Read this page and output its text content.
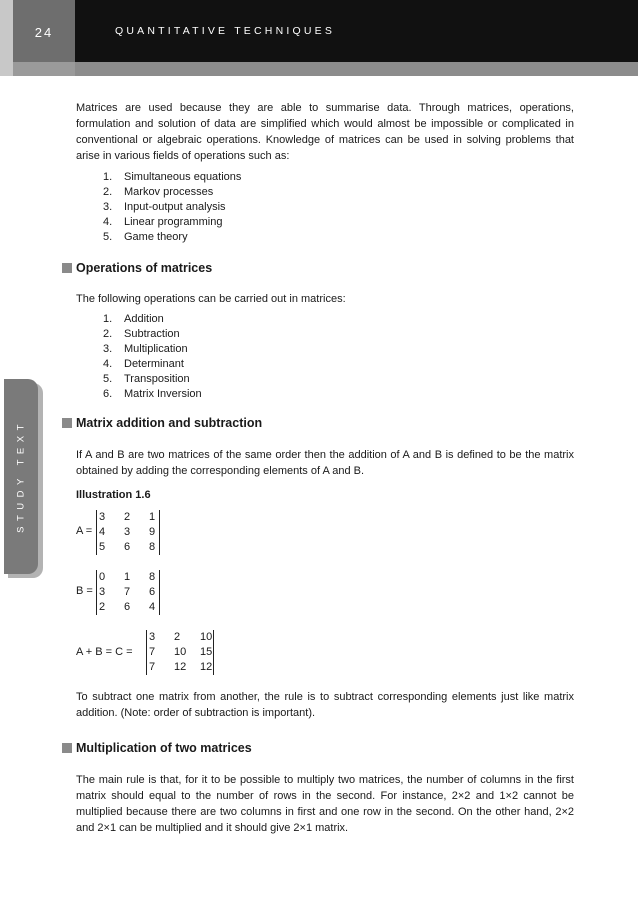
24	QUANTITATIVE TECHNIQUES
STUDY TEXT

Matrices are used because they are able to summarise data. Through matrices, operations, formulation and solution of data are simplified which would almost be impossible or complicated in conventional or algebraic operations. Knowledge of matrices can be used in solving problems that arise in various fields of operations such as:

1. Simultaneous equations
2. Markov processes
3. Input-output analysis
4. Linear programming
5. Game theory
Operations of matrices

The following operations can be carried out in matrices:

1. Addition
2. Subtraction
3. Multiplication
4. Determinant
5. Transposition
6. Matrix Inversion
Matrix addition and subtraction

If A and B are two matrices of the same order then the addition of A and B is defined to be the matrix obtained by adding the corresponding elements of A and B.

Illustration 1.6
A =
3	2	1
4	3	9
5	6	8
B =
0	1	8
3	7	6
2	6	4
A + B = C =
3	2	10
7	10	15
7	12	12

To subtract one matrix from another, the rule is to subtract corresponding elements just like matrix addition. (Note: order of subtraction is important).

Multiplication of two matrices

The main rule is that, for it to be possible to multiply two matrices, the number of columns in the first matrix should equal to the number of rows in the second. For instance, 2×2 and 1×2 cannot be multiplied because there are two columns in first and one row in the second. On the other hand, 2×2 and 2×1 can be multiplied and it should give 2×1 matrix.
